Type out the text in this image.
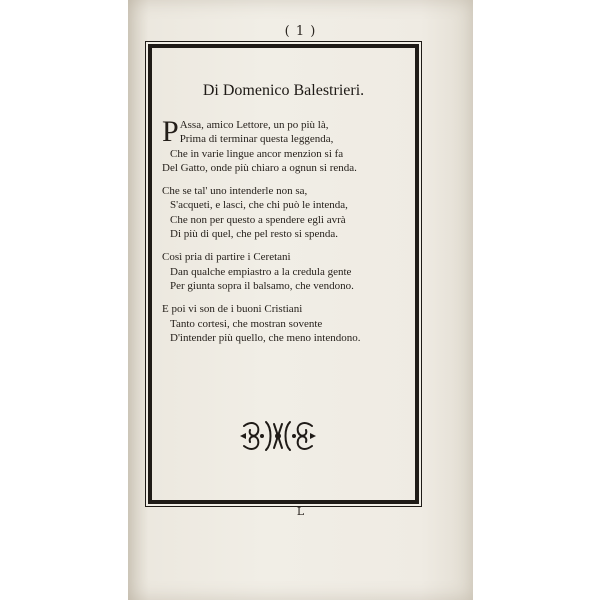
( 1 )
Di Domenico Balestrieri.
P Assa, amico Lettore, un po più là,
Prima di terminar questa leggenda,
Che in varie lingue ancor menzion si fa
Del Gatto, onde più chiaro a ognun si renda.
Che se tal' uno intenderle non sa,
S'acqueti, e lasci, che chi può le intenda,
Che non per questo a spendere egli avrà
Di più di quel, che pel resto si spenda.
Così pria di partire i Ceretani
Dan qualche empiastro a la credula gente
Per giunta sopra il balsamo, che vendono.
E poi vi son de i buoni Cristiani
Tanto cortesi, che mostran sovente
D'intender più quello, che meno intendono.
L
